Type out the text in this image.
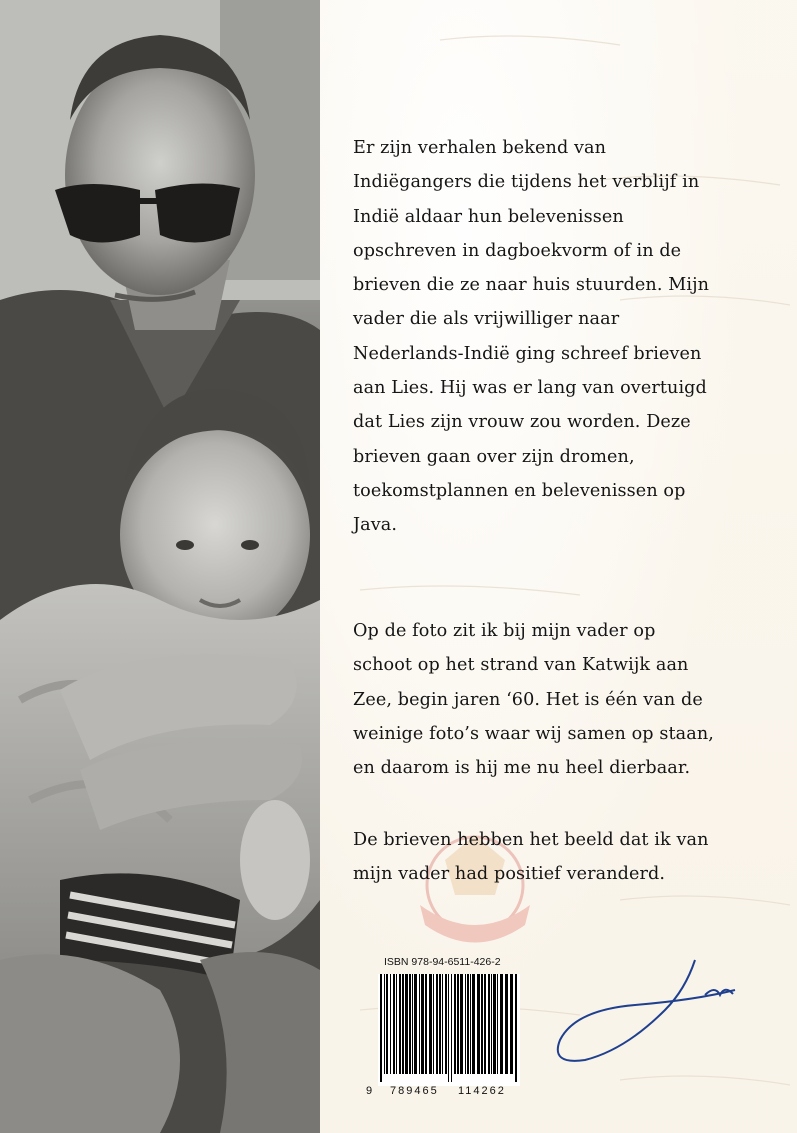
Er zijn verhalen bekend van
Indiëgangers die tijdens het verblijf in
Indië aldaar hun belevenissen
opschreven in dagboekvorm of in de
brieven die ze naar huis stuurden. Mijn
vader die als vrijwilliger naar
Nederlands-Indië ging schreef brieven
aan Lies. Hij was er lang van overtuigd
dat Lies zijn vrouw zou worden. Deze
brieven gaan over zijn dromen,
toekomstplannen en belevenissen op
Java.
Op de foto zit ik bij mijn vader op
schoot op het strand van Katwijk aan
Zee, begin jaren ‘60. Het is één van de
weinige foto’s waar wij samen op staan,
en daarom is hij me nu heel dierbaar.
De brieven hebben het beeld dat ik van
mijn vader had positief veranderd.
ISBN 978-94-6511-426-2
9 789465 114262
